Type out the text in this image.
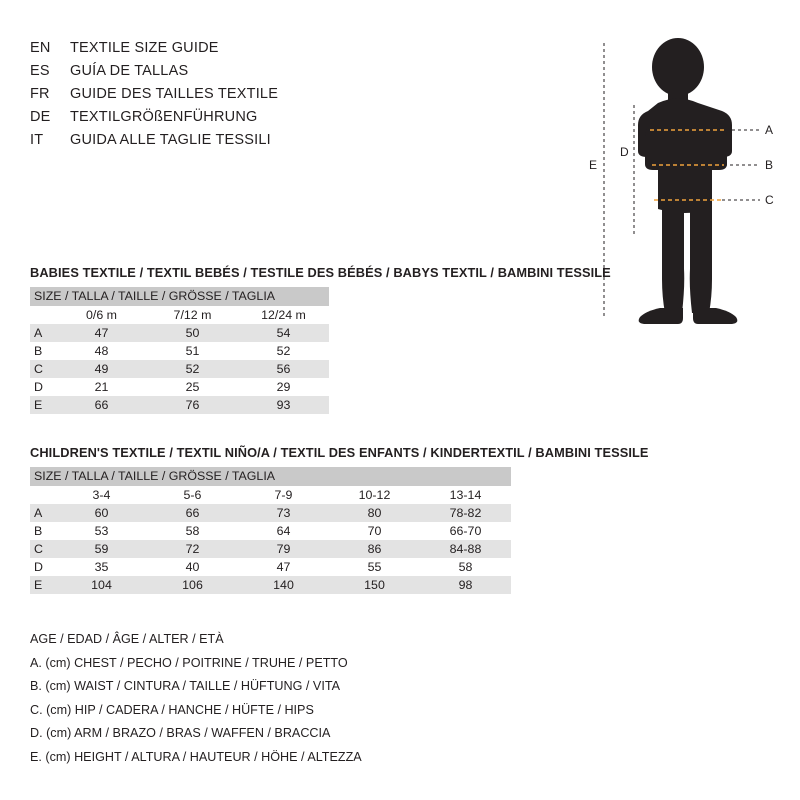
EN	TEXTILE SIZE GUIDE
ES	GUÍA DE TALLAS
FR	GUIDE DES TAILLES TEXTILE
DE	TEXTILGRÖßENFÜHRUNG
IT	GUIDA ALLE TAGLIE TESSILI
A
B
C
E
D
BABIES TEXTILE / TEXTIL BEBÉS / TESTILE DES BÉBÉS / BABYS TEXTIL / BAMBINI TESSILE
SIZE / TALLA / TAILLE / GRÖSSE / TAGLIA			
	0/6 m	7/12 m	12/24 m
A	47	50	54
B	48	51	52
C	49	52	56
D	21	25	29
E	66	76	93
CHILDREN'S TEXTILE / TEXTIL NIÑO/A / TEXTIL DES ENFANTS / KINDERTEXTIL / BAMBINI TESSILE
SIZE / TALLA / TAILLE / GRÖSSE / TAGLIA					
	3-4	5-6	7-9	10-12	13-14
A	60	66	73	80	78-82
B	53	58	64	70	66-70
C	59	72	79	86	84-88
D	35	40	47	55	58
E	104	106	140	150	98
AGE / EDAD / ÂGE / ALTER / ETÀ
A. (cm) CHEST / PECHO / POITRINE / TRUHE / PETTO
B. (cm) WAIST / CINTURA / TAILLE / HÜFTUNG / VITA
C. (cm) HIP / CADERA / HANCHE / HÜFTE / HIPS
D. (cm) ARM / BRAZO / BRAS / WAFFEN / BRACCIA
E. (cm) HEIGHT / ALTURA / HAUTEUR / HÖHE / ALTEZZA
